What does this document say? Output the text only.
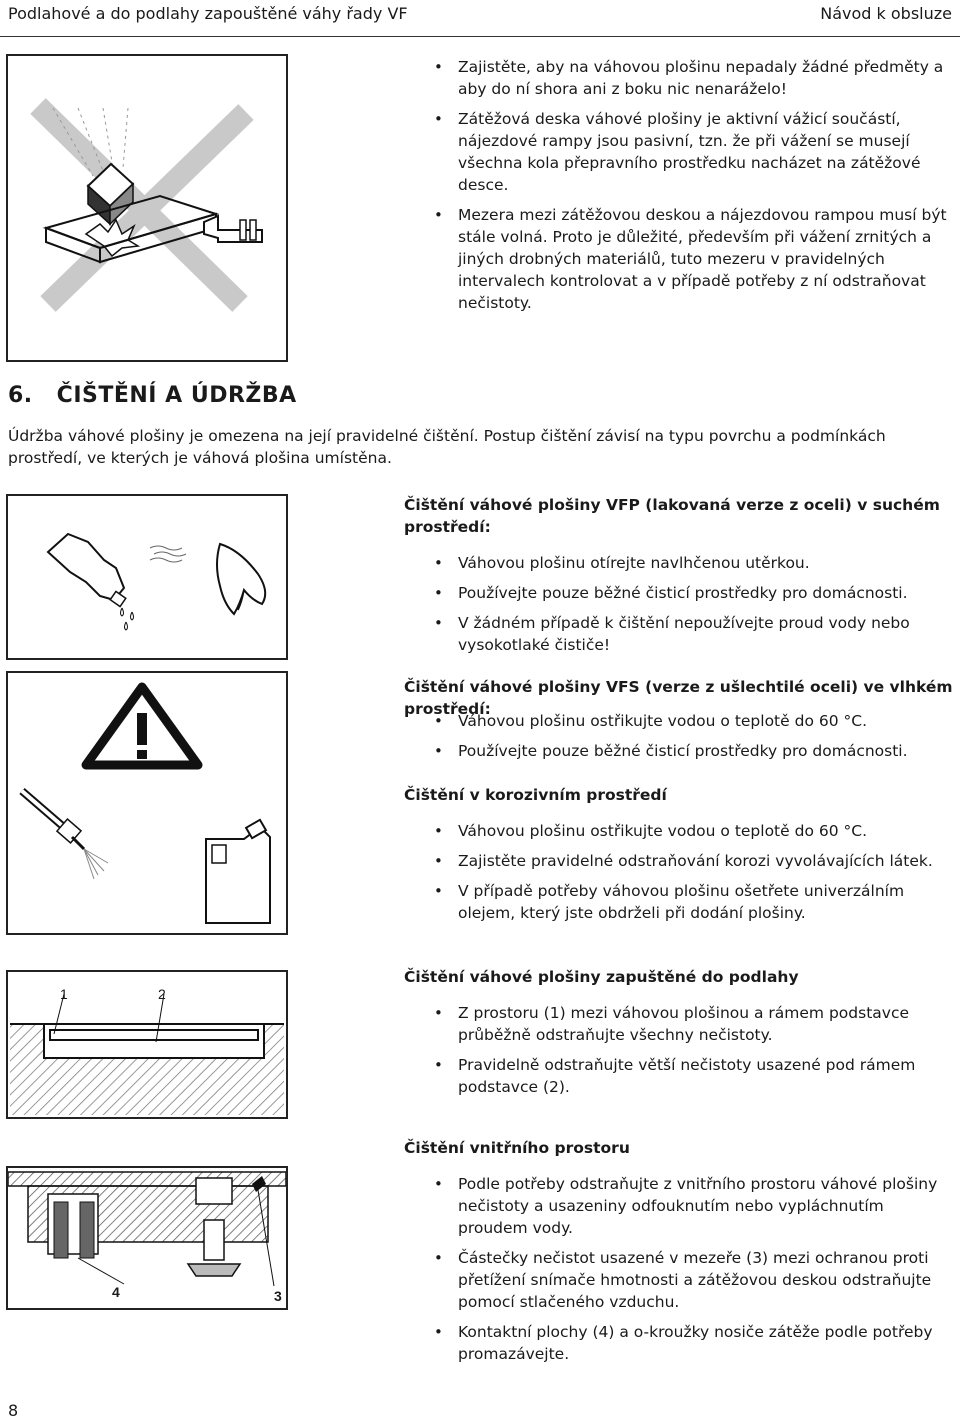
Podlahové a do podlahy zapouštěné váhy řady VF	Návod k obsluze
• Zajistěte, aby na váhovou plošinu nepadaly žádné předměty a aby do ní shora ani z boku nic nenaráželo!
• Zátěžová deska váhové plošiny je aktivní vážicí součástí, nájezdové rampy jsou pasivní, tzn. že při vážení se musejí všechna kola přepravního prostředku nacházet na zátěžové desce.
• Mezera mezi zátěžovou deskou a nájezdovou rampou musí být stále volná. Proto je důležité, především při vážení zrnitých a jiných drobných materiálů, tuto mezeru v pravidelných intervalech kontrolovat a v případě potřeby z ní odstraňovat nečistoty.
6. ČIŠTĚNÍ A ÚDRŽBA
Údržba váhové plošiny je omezena na její pravidelné čištění. Postup čištění závisí na typu povrchu a podmínkách prostředí, ve kterých je váhová plošina umístěna.
Čištění váhové plošiny VFP (lakovaná verze z oceli) v suchém prostředí:
• Váhovou plošinu otírejte navlhčenou utěrkou.
• Používejte pouze běžné čisticí prostředky pro domácnosti.
• V žádném případě k čištění nepoužívejte proud vody nebo vysokotlaké čističe!
Čištění váhové plošiny VFS (verze z ušlechtilé oceli) ve vlhkém prostředí:
• Váhovou plošinu ostřikujte vodou o teplotě do 60 °C.
• Používejte pouze běžné čisticí prostředky pro domácnosti.
Čištění v korozivním prostředí
• Váhovou plošinu ostřikujte vodou o teplotě do 60 °C.
• Zajistěte pravidelné odstraňování korozi vyvolávajících látek.
• V případě potřeby váhovou plošinu ošetřete univerzálním olejem, který jste obdrželi při dodání plošiny.
1	2
Čištění váhové plošiny zapuštěné do podlahy
• Z prostoru (1) mezi váhovou plošinou a rámem podstavce průběžně odstraňujte všechny nečistoty.
• Pravidelně odstraňujte větší nečistoty usazené pod rámem podstavce (2).
4	3
Čištění vnitřního prostoru
• Podle potřeby odstraňujte z vnitřního prostoru váhové plošiny nečistoty a usazeniny odfouknutím nebo vypláchnutím proudem vody.
• Částečky nečistot usazené v mezeře (3) mezi ochranou proti přetížení snímače hmotnosti a zátěžovou deskou odstraňujte pomocí stlačeného vzduchu.
• Kontaktní plochy (4) a o-kroužky nosiče zátěže podle potřeby promazávejte.
8
